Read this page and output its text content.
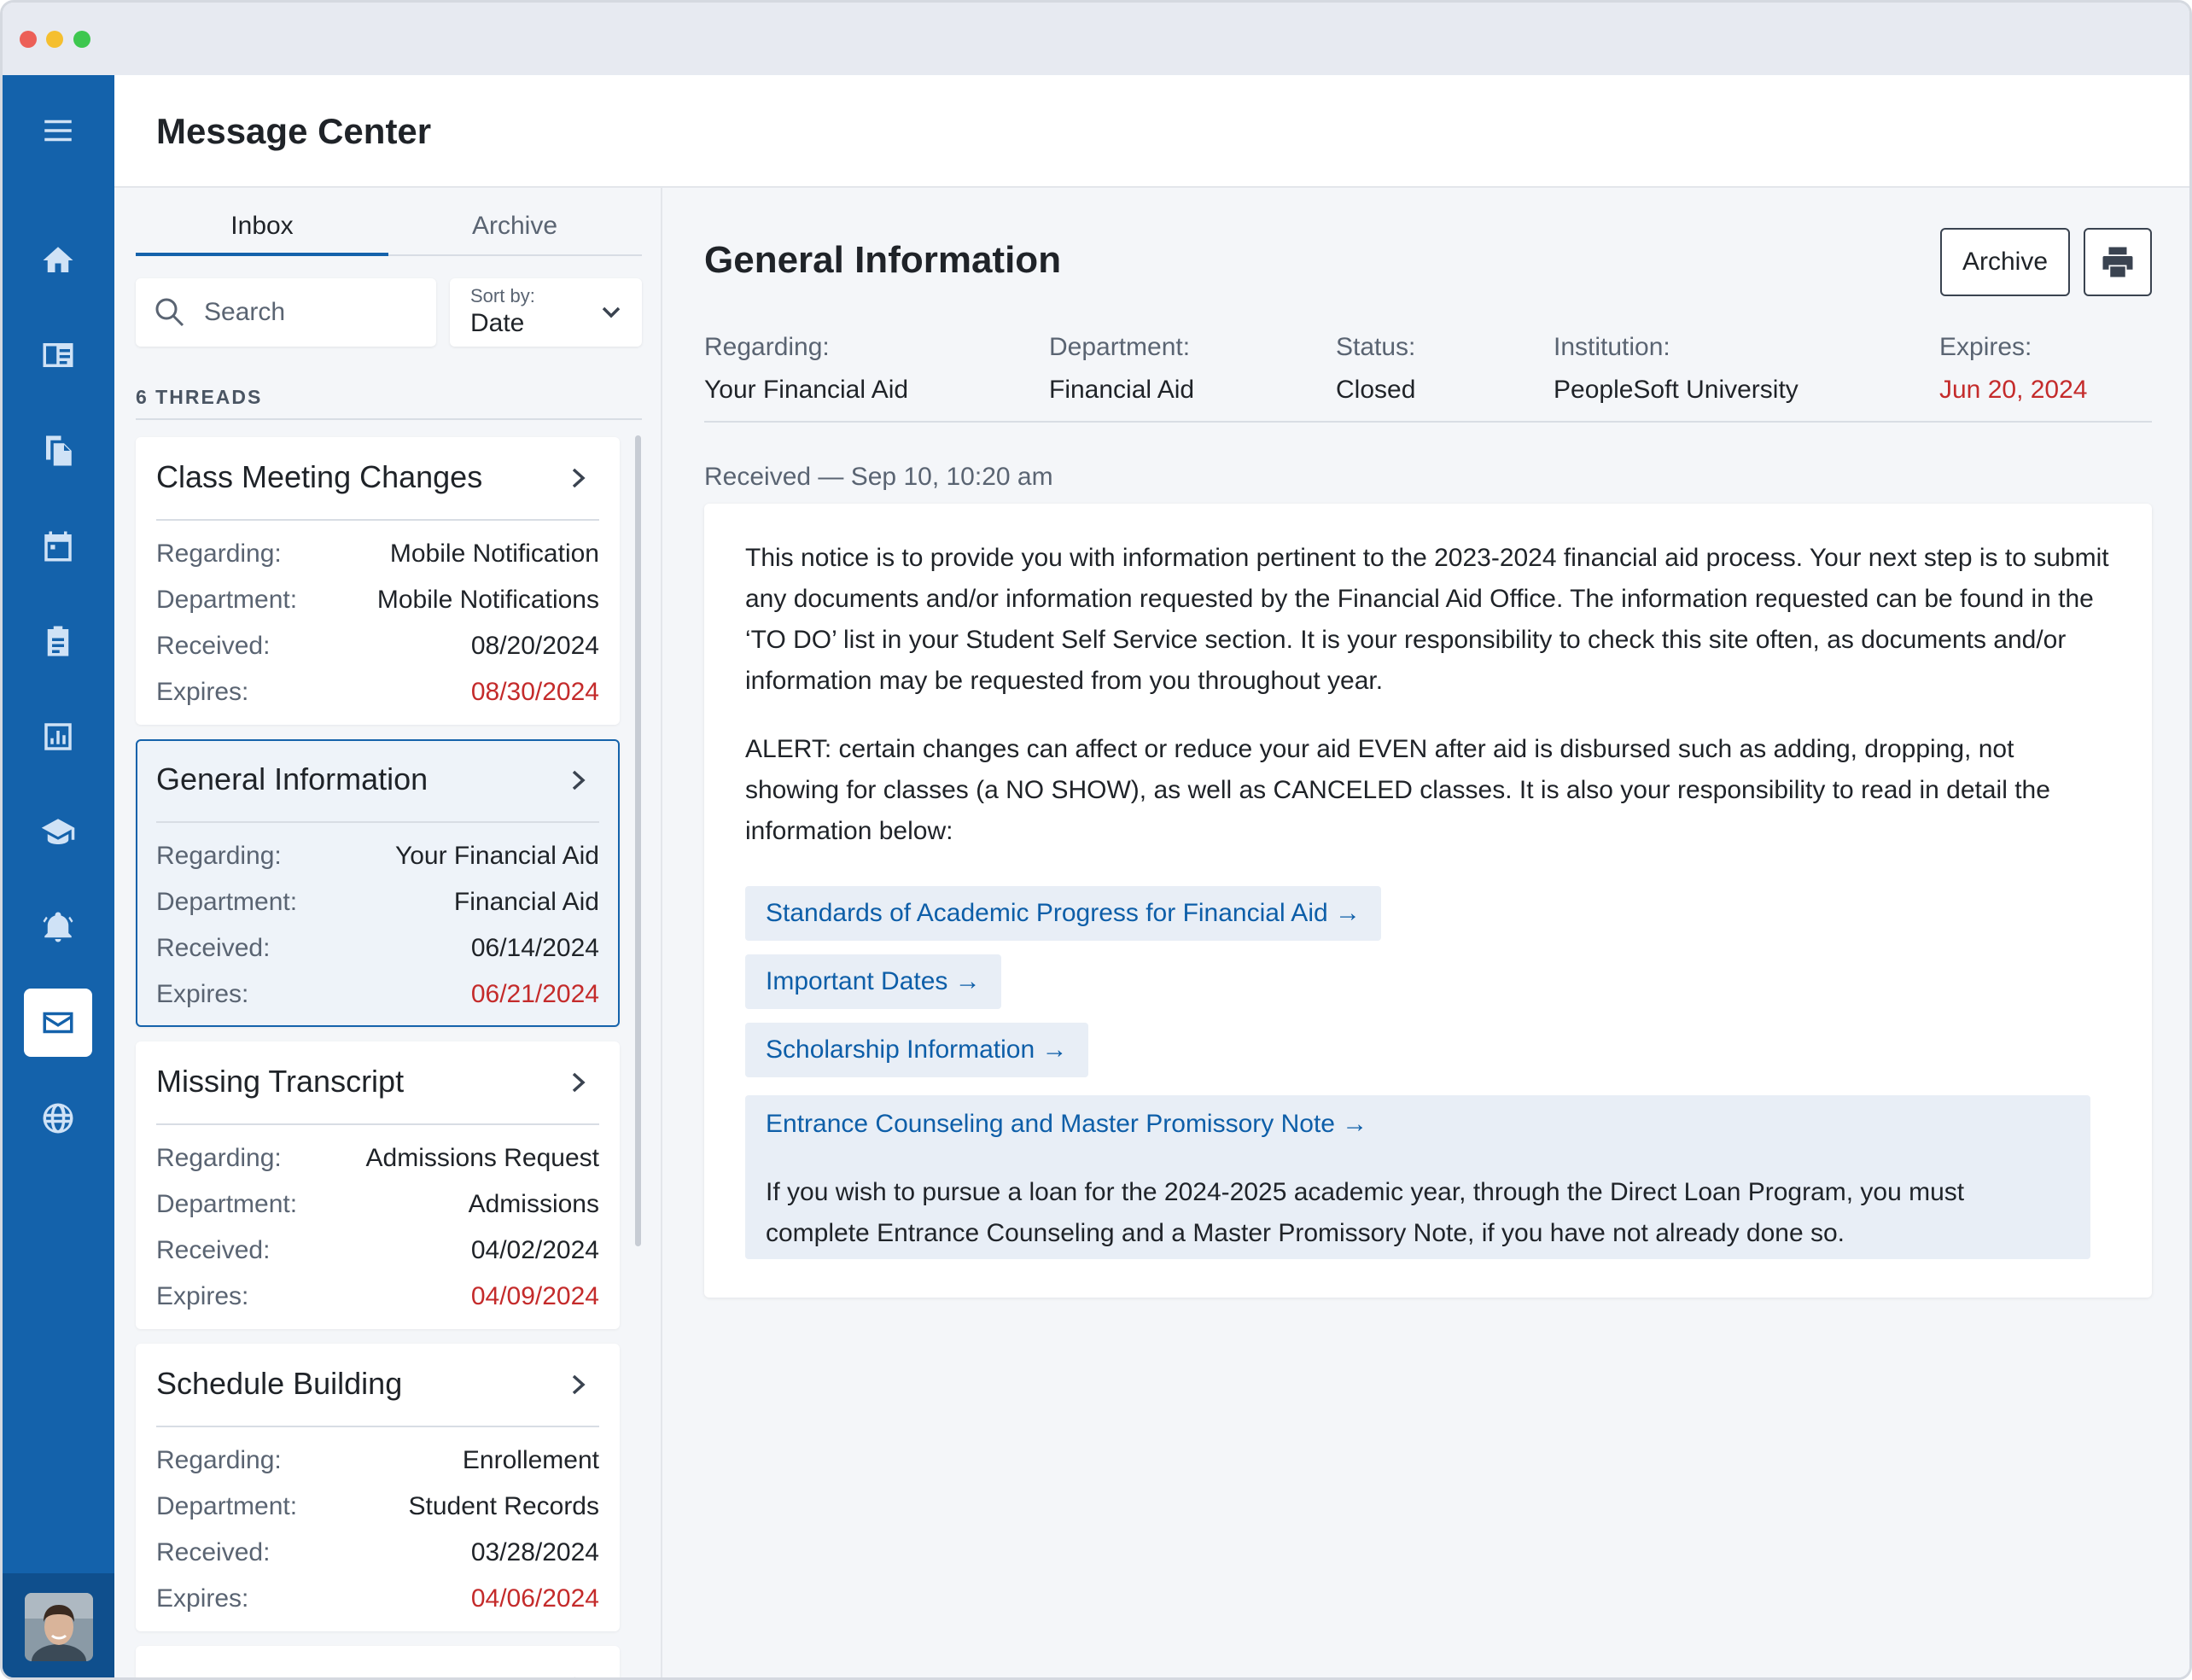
Message Center
Inbox	Archive
Search
Sort by:
Date
6 THREADS
Class Meeting Changes
Regarding:	Mobile Notification
Department:	Mobile Notifications
Received:	08/20/2024
Expires:	08/30/2024
General Information
Regarding:	Your Financial Aid
Department:	Financial Aid
Received:	06/14/2024
Expires:	06/21/2024
Missing Transcript
Regarding:	Admissions Request
Department:	Admissions
Received:	04/02/2024
Expires:	04/09/2024
Schedule Building
Regarding:	Enrollement
Department:	Student Records
Received:	03/28/2024
Expires:	04/06/2024
General Information	Archive
Regarding:
Your Financial Aid
Department:
Financial Aid
Status:
Closed
Institution:
PeopleSoft University
Expires:
Jun 20, 2024
Received — Sep 10, 10:20 am

This notice is to provide you with information pertinent to the 2023-2024 financial aid process. Your next step is to submit any documents and/or information requested by the Financial Aid Office. The information requested can be found in the ‘TO DO’ list in your Student Self Service section. It is your responsibility to check this site often, as documents and/or information may be requested from you throughout year.

ALERT: certain changes can affect or reduce your aid EVEN after aid is disbursed such as adding, dropping, not showing for classes (a NO SHOW), as well as CANCELED classes. It is also your responsibility to read in detail the information below:

Standards of Academic Progress for Financial Aid →
Important Dates →
Scholarship Information →
Entrance Counseling and Master Promissory Note →

If you wish to pursue a loan for the 2024-2025 academic year, through the Direct Loan Program, you must complete Entrance Counseling and a Master Promissory Note, if you have not already done so.
